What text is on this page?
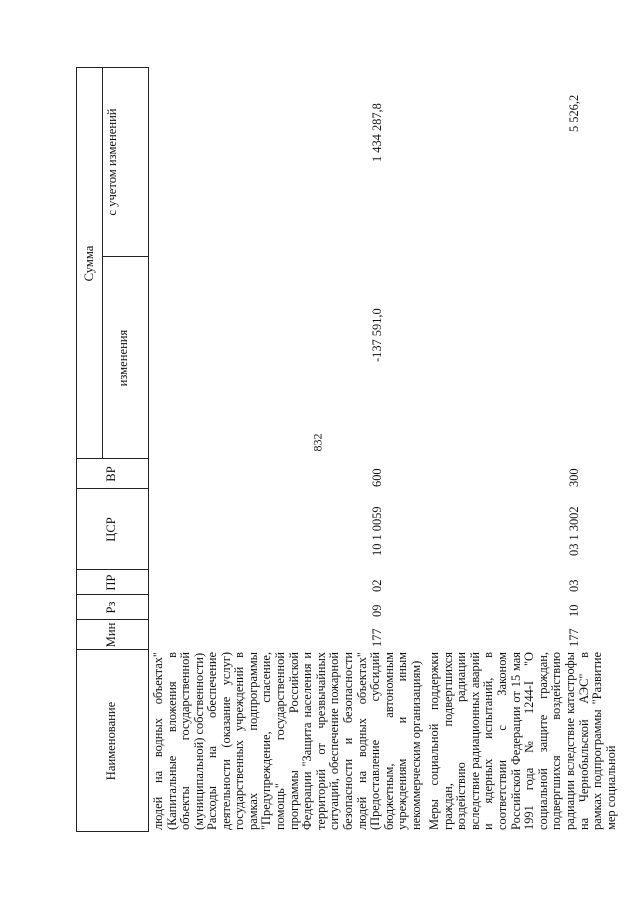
832
Наименование
Мин
Рз
ПР
ЦСР
ВР
Сумма
изменения
с учетом изменений
людей на водных объектах" (Капитальные вложения в объекты государственной (муниципальной) собственности) Расходы на обеспечение деятельности (оказание услуг) государственных учреждений в рамках подпрограммы "Предупреждение, спасение, помощь" государственной программы Российской Федерации "Защита населения и территорий от чрезвычайных ситуаций, обеспечение пожарной безопасности и безопасности людей на водных объектах" (Предоставление субсидий бюджетным, автономным учреждениям и иным некоммерческим организациям)
177
09
02
10 1 0059
600
-137 591,0
1 434 287,8
Меры социальной поддержки граждан, подвергшихся воздействию радиации вследствие радиационных аварий и ядерных испытаний, в соответствии с Законом Российской Федерации от 15 мая 1991 года № 1244-I "О социальной защите граждан, подвергшихся воздействию радиации вследствие катастрофы на Чернобыльской АЭС" в рамках подпрограммы "Развитие мер социальной
177
10
03
03 1 3002
300
5 526,2
